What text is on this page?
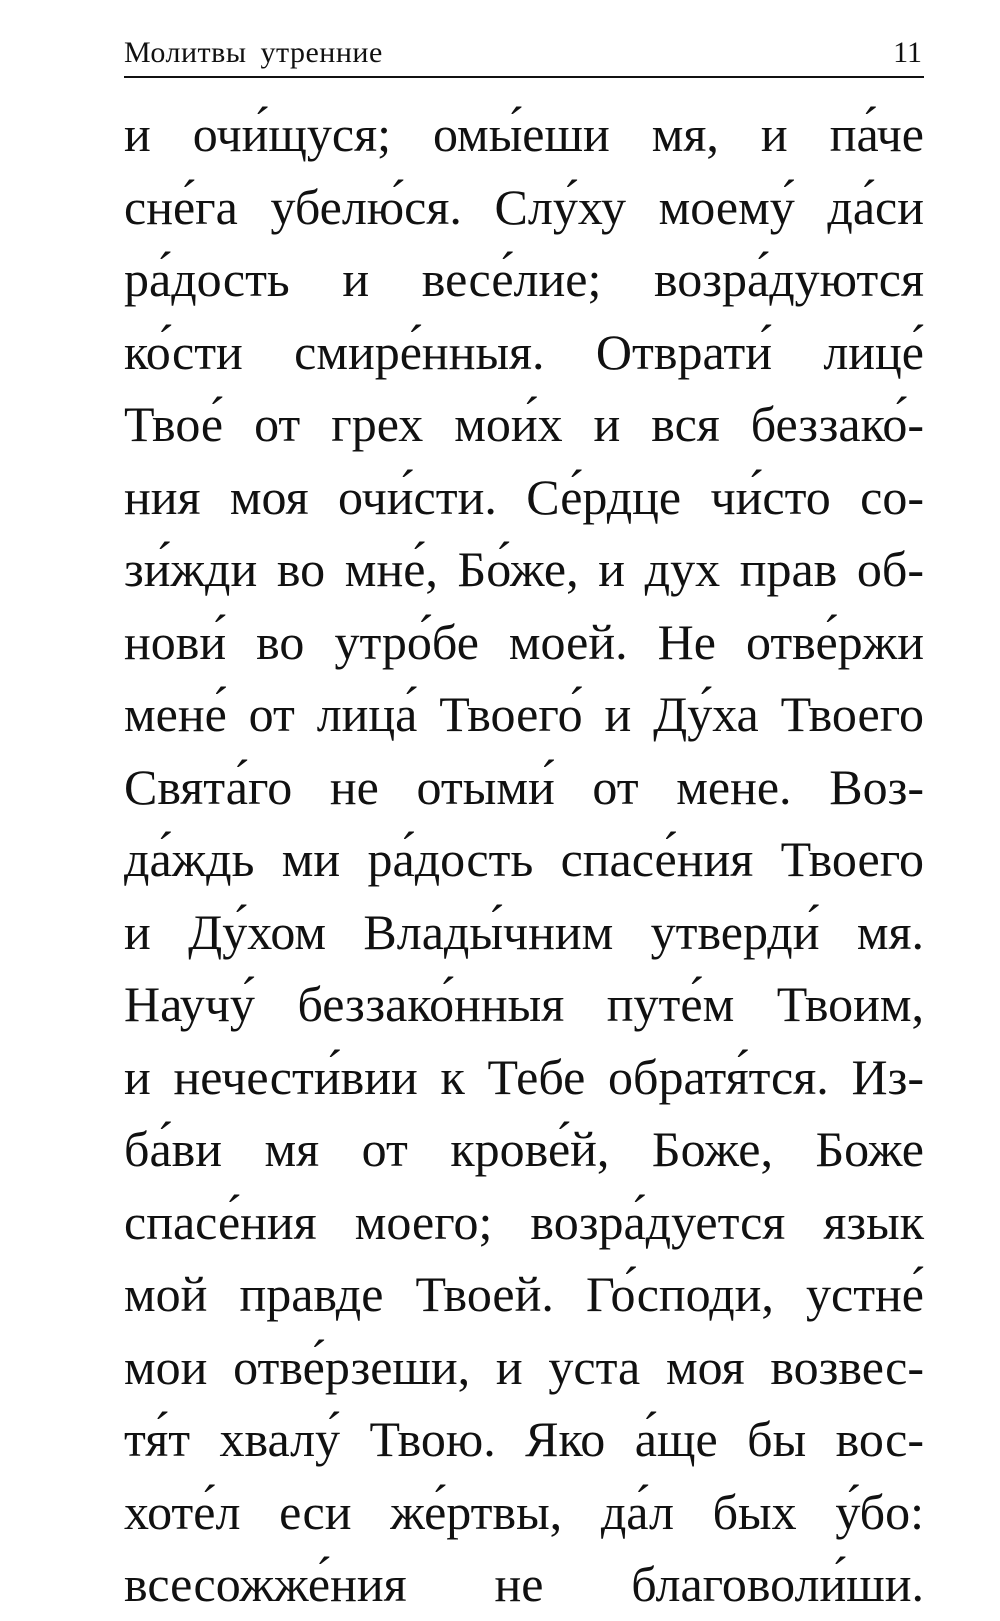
Молитвы утренние	11
и очи́щуся; омы́еши мя, и па́че
сне́га убелю́ся. Слу́ху моему́ да́си
ра́дость и весе́лие; возра́дуются
ко́сти смире́нныя. Отврати́ лице́
Твое́ от грех мои́х и вся беззако́-
ния моя очи́сти. Се́рдце чи́сто со-
зи́жди во мне́, Бо́же, и дух прав об-
нови́ во утро́бе моей. Не отве́ржи
мене́ от лица́ Твоего́ и Ду́ха Твоего
Свята́го не отыми́ от мене. Воз-
да́ждь ми ра́дость спасе́ния Твоего
и Ду́хом Влады́чним утверди́ мя.
Научу́ беззако́нныя путе́м Твоим,
и нечести́вии к Тебе обратя́тся. Из-
ба́ви мя от крове́й, Боже, Боже
спасе́ния моего; возра́дуется язык
мой правде Твоей. Го́споди, устне́
мои отве́рзеши, и уста моя возвес-
тя́т хвалу́ Твою. Яко а́ще бы вос-
хоте́л еси же́ртвы, да́л бых у́бо:
всесожже́ния не благоволи́ши.
